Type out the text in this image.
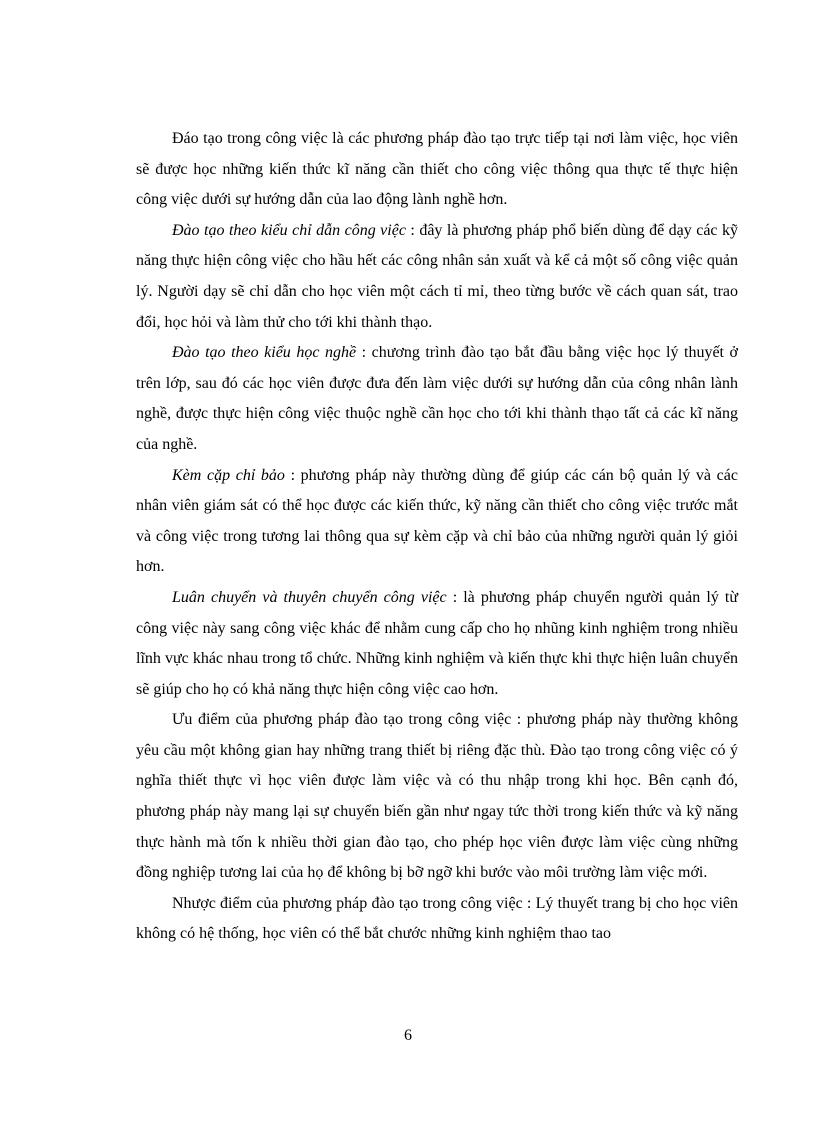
Đáo tạo trong công việc là các phương pháp đào tạo trực tiếp tại nơi làm việc, học viên sẽ được học những kiến thức kĩ năng cần thiết cho công việc thông qua thực tế thực hiện công việc dưới sự hướng dẫn của lao động lành nghề hơn.

Đào tạo theo kiểu chỉ dẫn công việc : đây là phương pháp phổ biến dùng để dạy các kỹ năng thực hiện công việc cho hầu hết các công nhân sản xuất và kể cả một số công việc quản lý. Người dạy sẽ chỉ dẫn cho học viên một cách tỉ mỉ, theo từng bước về cách quan sát, trao đổi, học hỏi và làm thử cho tới khi thành thạo.

Đào tạo theo kiểu học nghề : chương trình đào tạo bắt đầu bằng việc học lý thuyết ở trên lớp, sau đó các học viên được đưa đến làm việc dưới sự hướng dẫn của công nhân lành nghề, được thực hiện công việc thuộc nghề cần học cho tới khi thành thạo tất cả các kĩ năng của nghề.

Kèm cặp chỉ bảo : phương pháp này thường dùng để giúp các cán bộ quản lý và các nhân viên giám sát có thể học được các kiến thức, kỹ năng cần thiết cho công việc trước mắt và công việc trong tương lai thông qua sự kèm cặp và chỉ bảo của những người quản lý giỏi hơn.

Luân chuyển và thuyên chuyển công việc : là phương pháp chuyển người quản lý từ công việc này sang công việc khác để nhằm cung cấp cho họ nhũng kinh nghiệm trong nhiều lĩnh vực khác nhau trong tổ chức. Những kinh nghiệm và kiến thực khi thực hiện luân chuyển sẽ giúp cho họ có khả năng thực hiện công việc cao hơn.

Ưu điểm của phương pháp đào tạo trong công việc : phương pháp này thường không yêu cầu một không gian hay những trang thiết bị riêng đặc thù. Đào tạo trong công việc có ý nghĩa thiết thực vì học viên được làm việc và có thu nhập trong khi học. Bên cạnh đó, phương pháp này mang lại sự chuyển biến gần như ngay tức thời trong kiến thức và kỹ năng thực hành mà tốn k nhiều thời gian đào tạo, cho phép học viên được làm việc cùng những đồng nghiệp tương lai của họ để không bị bỡ ngỡ khi bước vào môi trường làm việc mới.

Nhược điểm của phương pháp đào tạo trong công việc : Lý thuyết trang bị cho học viên không có hệ thống, học viên có thể bắt chước những kinh nghiệm thao tao

6
